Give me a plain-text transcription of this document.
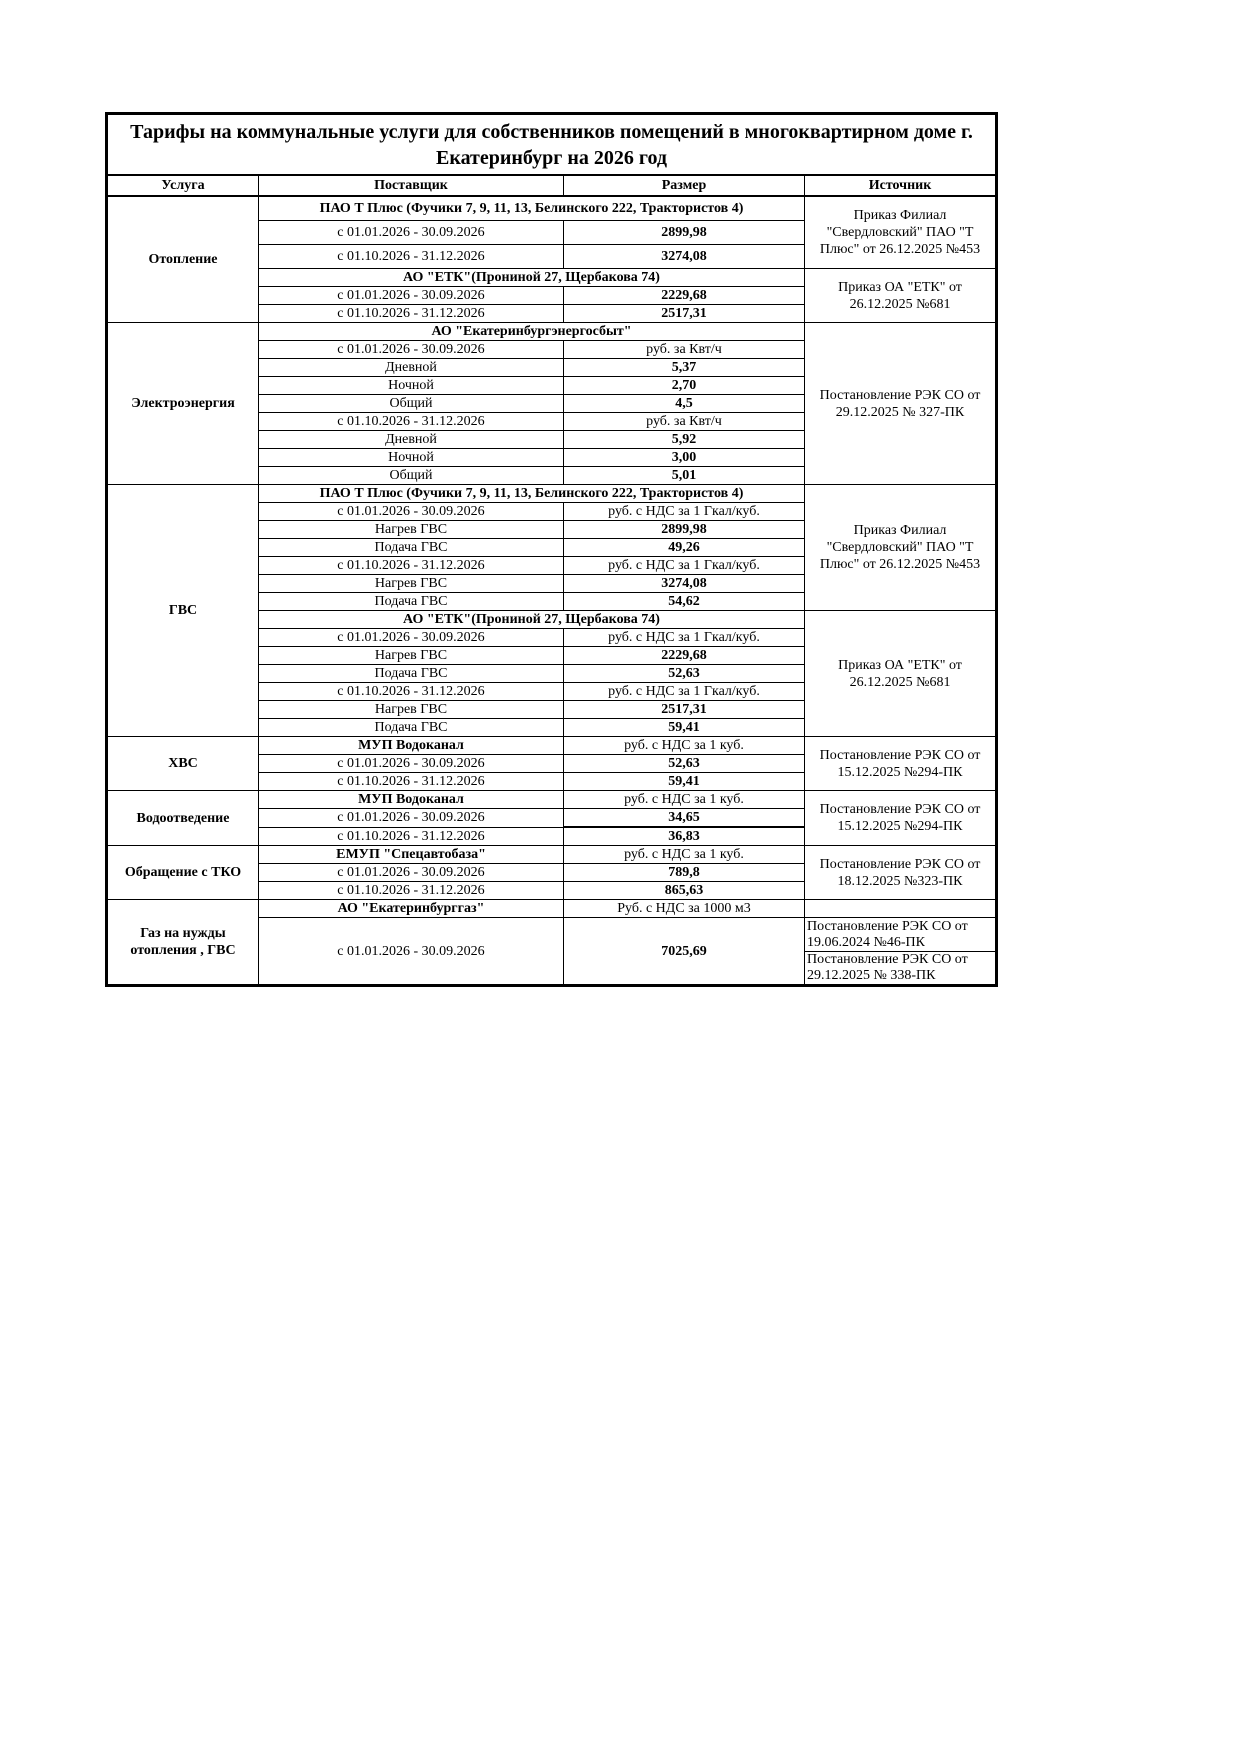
Тарифы на коммунальные услуги для собственников помещений в многоквартирном доме г. Екатеринбург на 2026 год			
Услуга	Поставщик	Размер	Источник
Отопление	ПАО Т Плюс (Фучики 7, 9, 11, 13, Белинского 222, Трактористов 4)		Приказ Филиал "Свердловский" ПАО "Т Плюс" от 26.12.2025 №453
	с 01.01.2026 - 30.09.2026	2899,98	
	с 01.10.2026 - 31.12.2026	3274,08	
	АО "ЕТК"(Прониной 27, Щербакова 74)		Приказ ОА "ЕТК" от 26.12.2025 №681
	с 01.01.2026 - 30.09.2026	2229,68	
	с 01.10.2026 - 31.12.2026	2517,31	
Электроэнергия	АО "Екатеринбургэнергосбыт"		Постановление РЭК СО от 29.12.2025 № 327-ПК
	с 01.01.2026 - 30.09.2026	руб. за Квт/ч	
	Дневной	5,37	
	Ночной	2,70	
	Общий	4,5	
	с 01.10.2026 - 31.12.2026	руб. за Квт/ч	
	Дневной	5,92	
	Ночной	3,00	
	Общий	5,01	
ГВС	ПАО Т Плюс (Фучики 7, 9, 11, 13, Белинского 222, Трактористов 4)		Приказ Филиал "Свердловский" ПАО "Т Плюс" от 26.12.2025 №453
	с 01.01.2026 - 30.09.2026	руб. с НДС за 1 Гкал/куб.	
	Нагрев ГВС	2899,98	
	Подача ГВС	49,26	
	с 01.10.2026 - 31.12.2026	руб. с НДС за 1 Гкал/куб.	
	Нагрев ГВС	3274,08	
	Подача ГВС	54,62	
	АО "ЕТК"(Прониной 27, Щербакова 74)		Приказ ОА "ЕТК" от 26.12.2025 №681
	с 01.01.2026 - 30.09.2026	руб. с НДС за 1 Гкал/куб.	
	Нагрев ГВС	2229,68	
	Подача ГВС	52,63	
	с 01.10.2026 - 31.12.2026	руб. с НДС за 1 Гкал/куб.	
	Нагрев ГВС	2517,31	
	Подача ГВС	59,41	
ХВС	МУП Водоканал	руб. с НДС за 1 куб.	Постановление РЭК СО от 15.12.2025 №294-ПК
	с 01.01.2026 - 30.09.2026	52,63	
	с 01.10.2026 - 31.12.2026	59,41	
Водоотведение	МУП Водоканал	руб. с НДС за 1 куб.	Постановление РЭК СО от 15.12.2025 №294-ПК
	с 01.01.2026 - 30.09.2026	34,65	
	с 01.10.2026 - 31.12.2026	36,83	
Обращение с ТКО	ЕМУП "Спецавтобаза"	руб. с НДС за 1 куб.	Постановление РЭК СО от 18.12.2025 №323-ПК
	с 01.01.2026 - 30.09.2026	789,8	
	с 01.10.2026 - 31.12.2026	865,63	
Газ на нужды отопления , ГВС	АО "Екатеринбурггаз"	Руб. с НДС за 1000 м3	
	с 01.01.2026 - 30.09.2026	7025,69	Постановление РЭК СО от 19.06.2024 №46-ПК
			Постановление РЭК СО от 29.12.2025 № 338-ПК
